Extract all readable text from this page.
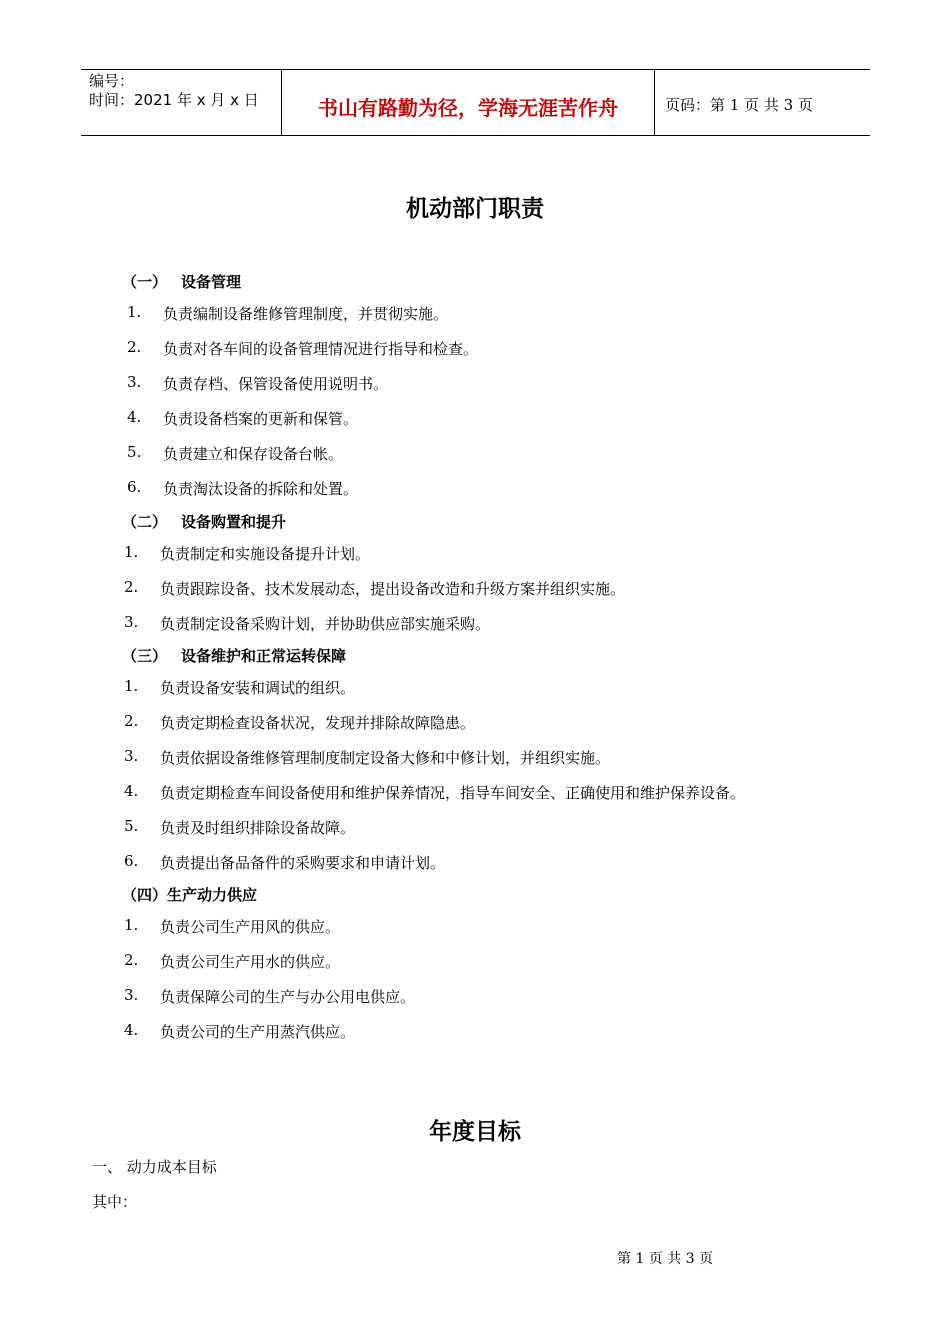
编号：
时间：2021 年 x 月 x 日	书山有路勤为径，学海无涯苦作舟	页码：第 1 页 共 3 页
机动部门职责
（一） 设备管理
1. 负责编制设备维修管理制度，并贯彻实施。
2. 负责对各车间的设备管理情况进行指导和检查。
3. 负责存档、保管设备使用说明书。
4. 负责设备档案的更新和保管。
5. 负责建立和保存设备台帐。
6. 负责淘汰设备的拆除和处置。
（二） 设备购置和提升
1. 负责制定和实施设备提升计划。
2. 负责跟踪设备、技术发展动态，提出设备改造和升级方案并组织实施。
3. 负责制定设备采购计划，并协助供应部实施采购。
（三） 设备维护和正常运转保障
1. 负责设备安装和调试的组织。
2. 负责定期检查设备状况，发现并排除故障隐患。
3. 负责依据设备维修管理制度制定设备大修和中修计划，并组织实施。
4. 负责定期检查车间设备使用和维护保养情况，指导车间安全、正确使用和维护保养设备。
5. 负责及时组织排除设备故障。
6. 负责提出备品备件的采购要求和申请计划。
（四）生产动力供应
1. 负责公司生产用风的供应。
2. 负责公司生产用水的供应。
3. 负责保障公司的生产与办公用电供应。
4. 负责公司的生产用蒸汽供应。
年度目标
一、 动力成本目标
其中：
第 1 页 共 3 页
